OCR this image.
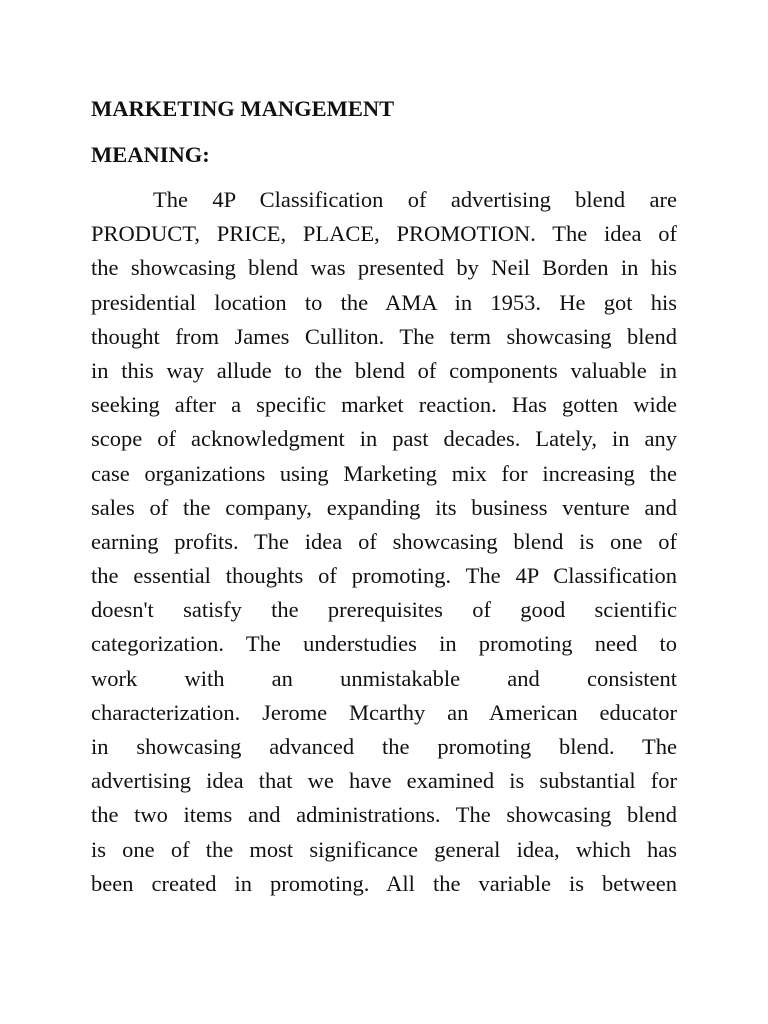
MARKETING MANGEMENT
MEANING:
The 4P Classification of advertising blend are
PRODUCT, PRICE, PLACE, PROMOTION. The idea of
the showcasing blend was presented by Neil Borden in his
presidential location to the AMA in 1953. He got his
thought from James Culliton. The term showcasing blend
in this way allude to the blend of components valuable in
seeking after a specific market reaction. Has gotten wide
scope of acknowledgment in past decades. Lately, in any
case organizations using Marketing mix for increasing the
sales of the company, expanding its business venture and
earning profits. The idea of showcasing blend is one of
the essential thoughts of promoting. The 4P Classification
doesn't satisfy the prerequisites of good scientific
categorization. The understudies in promoting need to
work with an unmistakable and consistent
characterization. Jerome Mcarthy an American educator
in showcasing advanced the promoting blend. The
advertising idea that we have examined is substantial for
the two items and administrations. The showcasing blend
is one of the most significance general idea, which has
been created in promoting. All the variable is between
